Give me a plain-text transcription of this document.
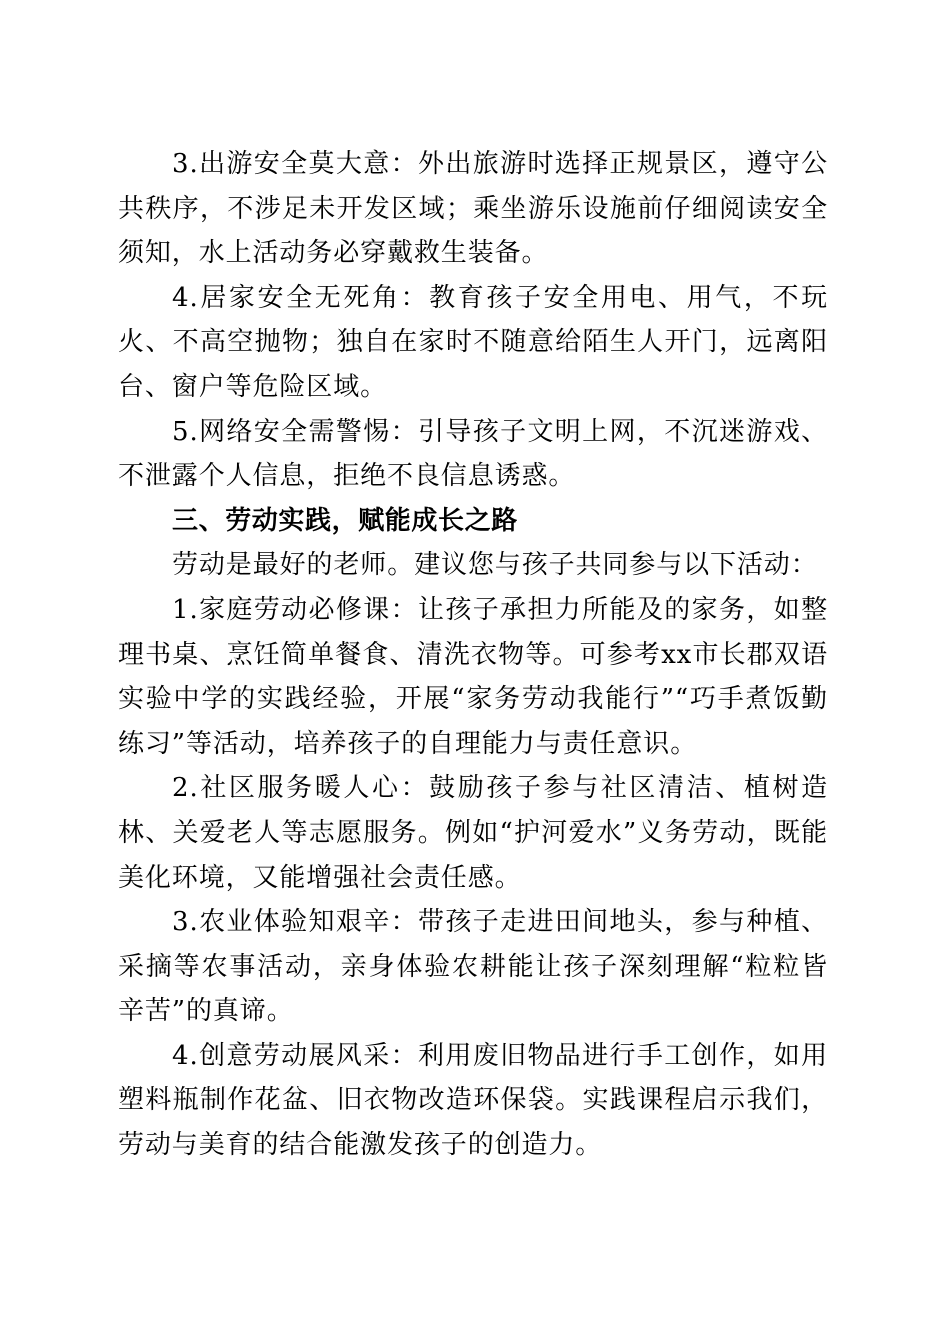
3.出游安全莫大意：外出旅游时选择正规景区，遵守公共秩序，不涉足未开发区域；乘坐游乐设施前仔细阅读安全须知，水上活动务必穿戴救生装备。

4.居家安全无死角：教育孩子安全用电、用气，不玩火、不高空抛物；独自在家时不随意给陌生人开门，远离阳台、窗户等危险区域。

5.网络安全需警惕：引导孩子文明上网，不沉迷游戏、不泄露个人信息，拒绝不良信息诱惑。

三、劳动实践，赋能成长之路

劳动是最好的老师。建议您与孩子共同参与以下活动：

1.家庭劳动必修课：让孩子承担力所能及的家务，如整理书桌、烹饪简单餐食、清洗衣物等。可参考xx市长郡双语实验中学的实践经验，开展“家务劳动我能行”“巧手煮饭勤练习”等活动，培养孩子的自理能力与责任意识。

2.社区服务暖人心：鼓励孩子参与社区清洁、植树造林、关爱老人等志愿服务。例如“护河爱水”义务劳动，既能美化环境，又能增强社会责任感。

3.农业体验知艰辛：带孩子走进田间地头，参与种植、采摘等农事活动，亲身体验农耕能让孩子深刻理解“粒粒皆辛苦”的真谛。

4.创意劳动展风采：利用废旧物品进行手工创作，如用塑料瓶制作花盆、旧衣物改造环保袋。实践课程启示我们，劳动与美育的结合能激发孩子的创造力。
